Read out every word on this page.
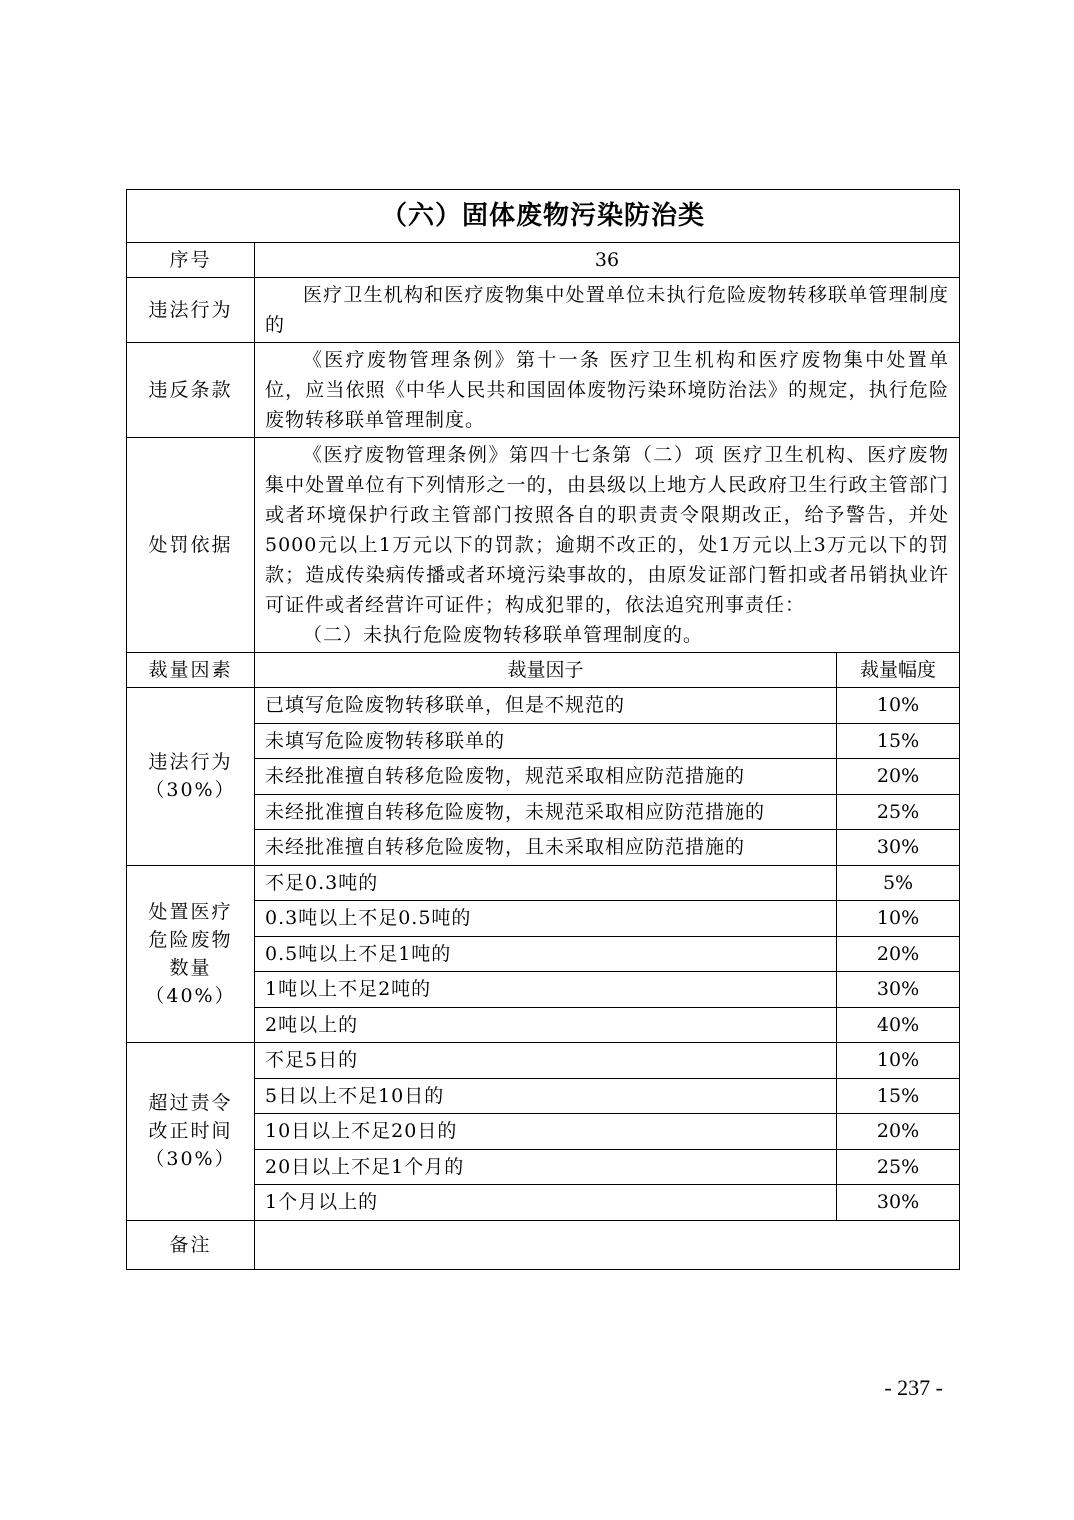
（六）固体废物污染防治类		
序号	36	
违法行为	医疗卫生机构和医疗废物集中处置单位未执行危险废物转移联单管理制度的	

违反条款	《医疗废物管理条例》第十一条 医疗卫生机构和医疗废物集中处置单位，应当依照《中华人民共和国固体废物污染环境防治法》的规定，执行危险废物转移联单管理制度。	

处罚依据	《医疗废物管理条例》第四十七条第（二）项 医疗卫生机构、医疗废物集中处置单位有下列情形之一的，由县级以上地方人民政府卫生行政主管部门或者环境保护行政主管部门按照各自的职责责令限期改正，给予警告，并处5000元以上1万元以下的罚款；逾期不改正的，处1万元以上3万元以下的罚款；造成传染病传播或者环境污染事故的，由原发证部门暂扣或者吊销执业许可证件或者经营许可证件；构成犯罪的，依法追究刑事责任：

（二）未执行危险废物转移联单管理制度的。	

裁量因素	裁量因子	裁量幅度

违法行为
（30%）	已填写危险废物转移联单，但是不规范的	10%
	未填写危险废物转移联单的	15%
	未经批准擅自转移危险废物，规范采取相应防范措施的	20%
	未经批准擅自转移危险废物，未规范采取相应防范措施的	25%
	未经批准擅自转移危险废物，且未采取相应防范措施的	30%

处置医疗
危险废物
数量
（40%）	不足0.3吨的	5%
	0.3吨以上不足0.5吨的	10%
	0.5吨以上不足1吨的	20%
	1吨以上不足2吨的	30%
	2吨以上的	40%

超过责令
改正时间
（30%）	不足5日的	10%
	5日以上不足10日的	15%
	10日以上不足20日的	20%
	20日以上不足1个月的	25%
	1个月以上的	30%
备注		
- 237 -
